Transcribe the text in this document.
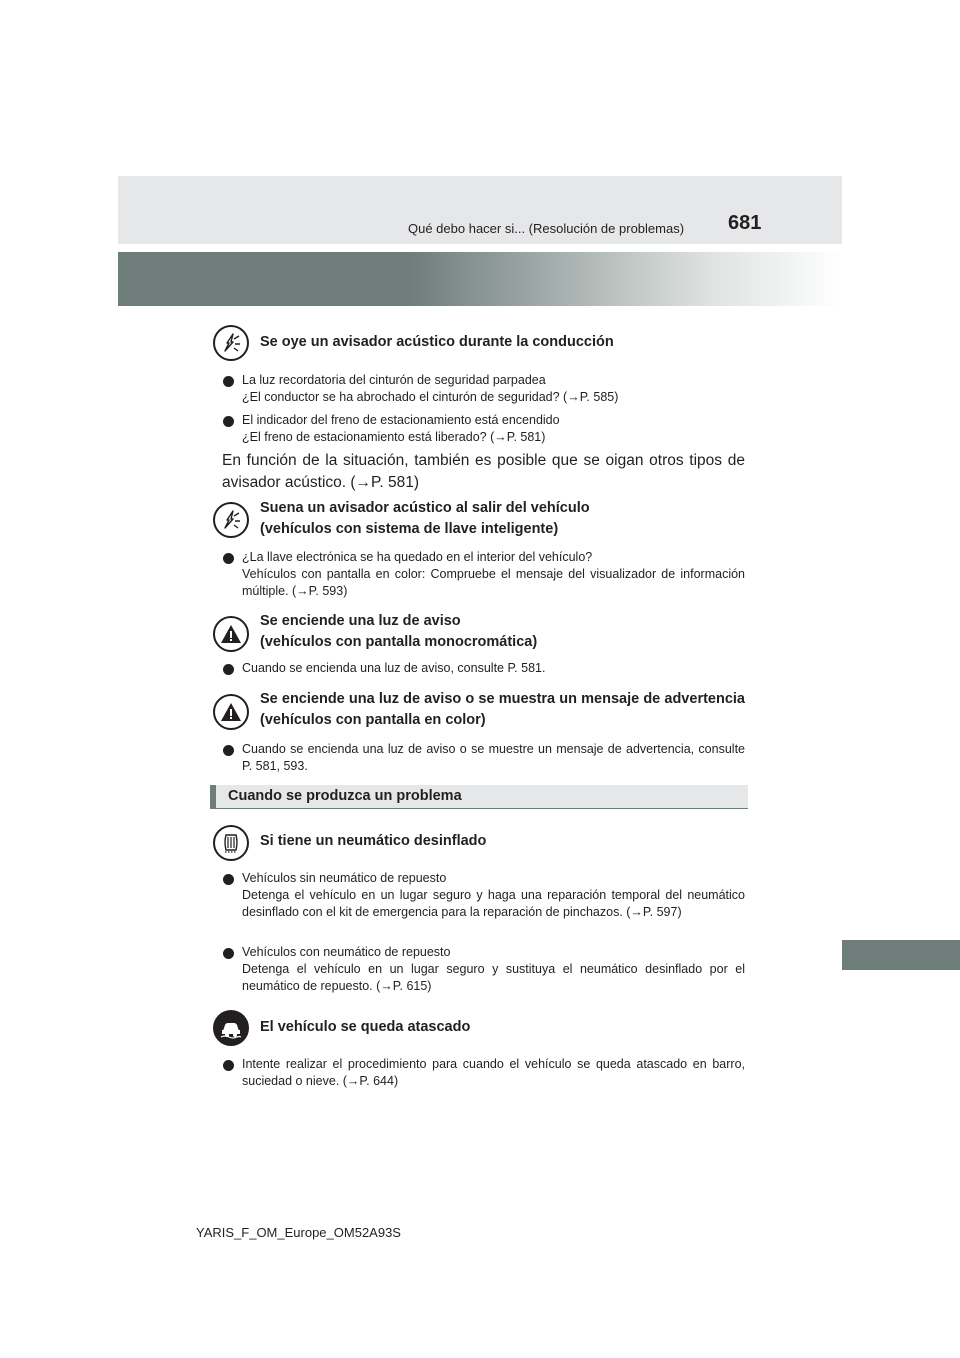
Qué debo hacer si... (Resolución de problemas) 681
Se oye un avisador acústico durante la conducción

La luz recordatoria del cinturón de seguridad parpadea

¿El conductor se ha abrochado el cinturón de seguridad? (→P. 585)

El indicador del freno de estacionamiento está encendido

¿El freno de estacionamiento está liberado? (→P. 581)

En función de la situación, también es posible que se oigan otros tipos de avisador acústico. (→P. 581)
Suena un avisador acústico al salir del vehículo
(vehículos con sistema de llave inteligente)

¿La llave electrónica se ha quedado en el interior del vehículo?

Vehículos con pantalla en color: Compruebe el mensaje del visualizador de información múltiple. (→P. 593)

Se enciende una luz de aviso
(vehículos con pantalla monocromática)

Cuando se encienda una luz de aviso, consulte P. 581.

Se enciende una luz de aviso o se muestra un mensaje de advertencia (vehículos con pantalla en color)

Cuando se encienda una luz de aviso o se muestre un mensaje de advertencia, consulte P. 581, 593.

Cuando se produzca un problema
Si tiene un neumático desinflado

Vehículos sin neumático de repuesto

Detenga el vehículo en un lugar seguro y haga una reparación temporal del neumático desinflado con el kit de emergencia para la reparación de pinchazos. (→P. 597)

Vehículos con neumático de repuesto

Detenga el vehículo en un lugar seguro y sustituya el neumático desinflado por el neumático de repuesto. (→P. 615)

El vehículo se queda atascado

Intente realizar el procedimiento para cuando el vehículo se queda atascado en barro, suciedad o nieve. (→P. 644)

YARIS_F_OM_Europe_OM52A93S
